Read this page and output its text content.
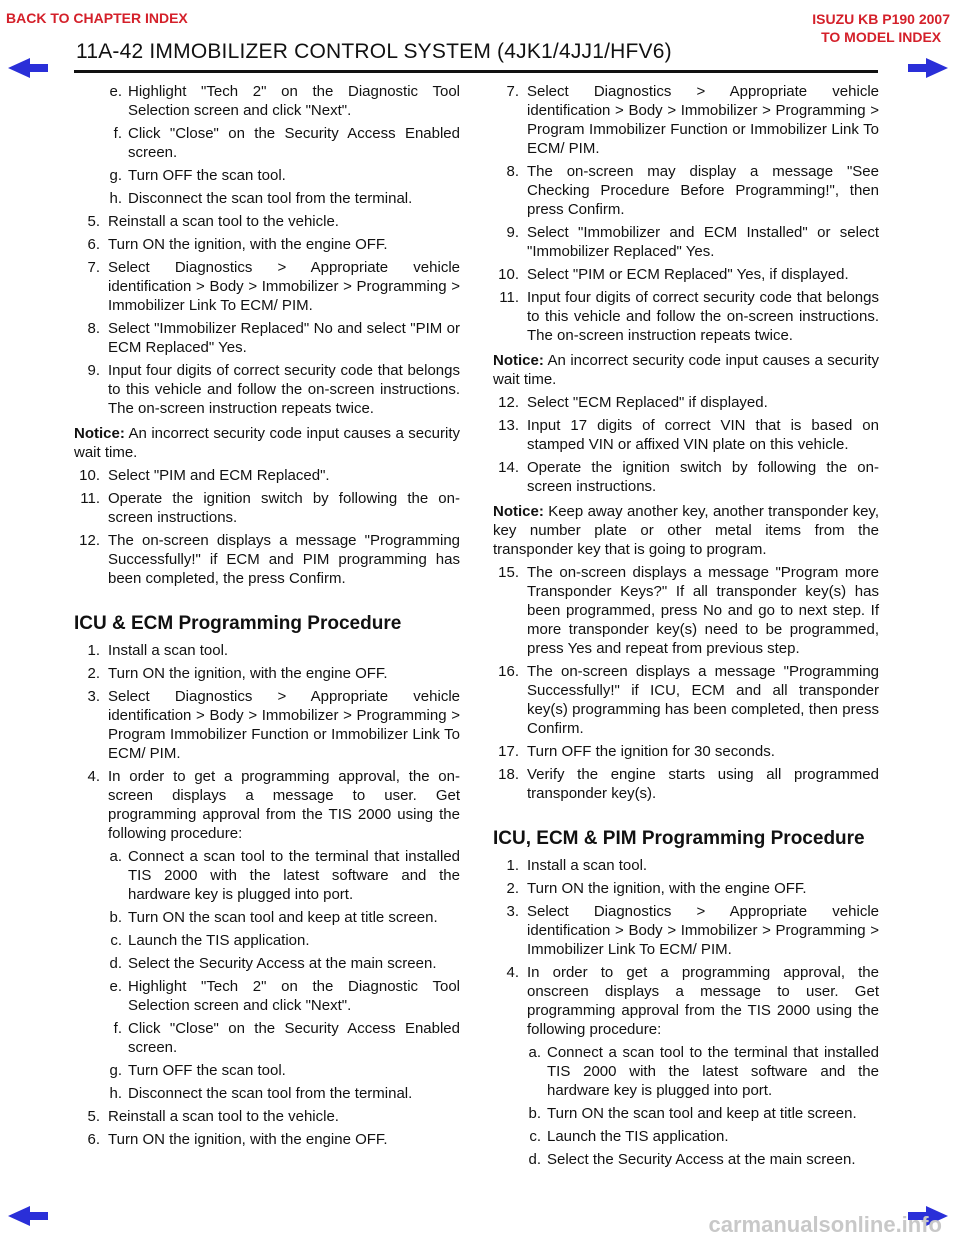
BACK TO CHAPTER INDEX	ISUZU KB P190 2007
TO MODEL INDEX
11A-42 IMMOBILIZER CONTROL SYSTEM (4JK1/4JJ1/HFV6)
e. Highlight "Tech 2" on the Diagnostic Tool Selection screen and click "Next".
f. Click "Close" on the Security Access Enabled screen.
g. Turn OFF the scan tool.
h. Disconnect the scan tool from the terminal.
5. Reinstall a scan tool to the vehicle.
6. Turn ON the ignition, with the engine OFF.
7. Select Diagnostics > Appropriate vehicle identification > Body > Immobilizer > Programming > Immobilizer Link To ECM/ PIM.
8. Select "Immobilizer Replaced" No and select "PIM or ECM Replaced" Yes.
9. Input four digits of correct security code that belongs to this vehicle and follow the on-screen instructions. The on-screen instruction repeats twice.
Notice: An incorrect security code input causes a security wait time.
10. Select "PIM and ECM Replaced".
11. Operate the ignition switch by following the on-screen instructions.
12. The on-screen displays a message "Programming Successfully!" if ECM and PIM programming has been completed, the press Confirm.
ICU & ECM Programming Procedure
1. Install a scan tool.
2. Turn ON the ignition, with the engine OFF.
3. Select Diagnostics > Appropriate vehicle identification > Body > Immobilizer > Programming > Program Immobilizer Function or Immobilizer Link To ECM/ PIM.
4. In order to get a programming approval, the on-screen displays a message to user. Get programming approval from the TIS 2000 using the following procedure:
a. Connect a scan tool to the terminal that installed TIS 2000 with the latest software and the hardware key is plugged into port.
b. Turn ON the scan tool and keep at title screen.
c. Launch the TIS application.
d. Select the Security Access at the main screen.
e. Highlight "Tech 2" on the Diagnostic Tool Selection screen and click "Next".
f. Click "Close" on the Security Access Enabled screen.
g. Turn OFF the scan tool.
h. Disconnect the scan tool from the terminal.
5. Reinstall a scan tool to the vehicle.
6. Turn ON the ignition, with the engine OFF.
7. Select Diagnostics > Appropriate vehicle identification > Body > Immobilizer > Programming > Program Immobilizer Function or Immobilizer Link To ECM/ PIM.
8. The on-screen may display a message "See Checking Procedure Before Programming!", then press Confirm.
9. Select "Immobilizer and ECM Installed" or select "Immobilizer Replaced" Yes.
10. Select "PIM or ECM Replaced" Yes, if displayed.
11. Input four digits of correct security code that belongs to this vehicle and follow the on-screen instructions. The on-screen instruction repeats twice.
Notice: An incorrect security code input causes a security wait time.
12. Select "ECM Replaced" if displayed.
13. Input 17 digits of correct VIN that is based on stamped VIN or affixed VIN plate on this vehicle.
14. Operate the ignition switch by following the on-screen instructions.
Notice: Keep away another key, another transponder key, key number plate or other metal items from the transponder key that is going to program.
15. The on-screen displays a message "Program more Transponder Keys?" If all transponder key(s) has been programmed, press No and go to next step. If more transponder key(s) need to be programmed, press Yes and repeat from previous step.
16. The on-screen displays a message "Programming Successfully!" if ICU, ECM and all transponder key(s) programming has been completed, then press Confirm.
17. Turn OFF the ignition for 30 seconds.
18. Verify the engine starts using all programmed transponder key(s).
ICU, ECM & PIM Programming Procedure
1. Install a scan tool.
2. Turn ON the ignition, with the engine OFF.
3. Select Diagnostics > Appropriate vehicle identification > Body > Immobilizer > Programming > Immobilizer Link To ECM/ PIM.
4. In order to get a programming approval, the onscreen displays a message to user. Get programming approval from the TIS 2000 using the following procedure:
a. Connect a scan tool to the terminal that installed TIS 2000 with the latest software and the hardware key is plugged into port.
b. Turn ON the scan tool and keep at title screen.
c. Launch the TIS application.
d. Select the Security Access at the main screen.
carmanualsonline.info
